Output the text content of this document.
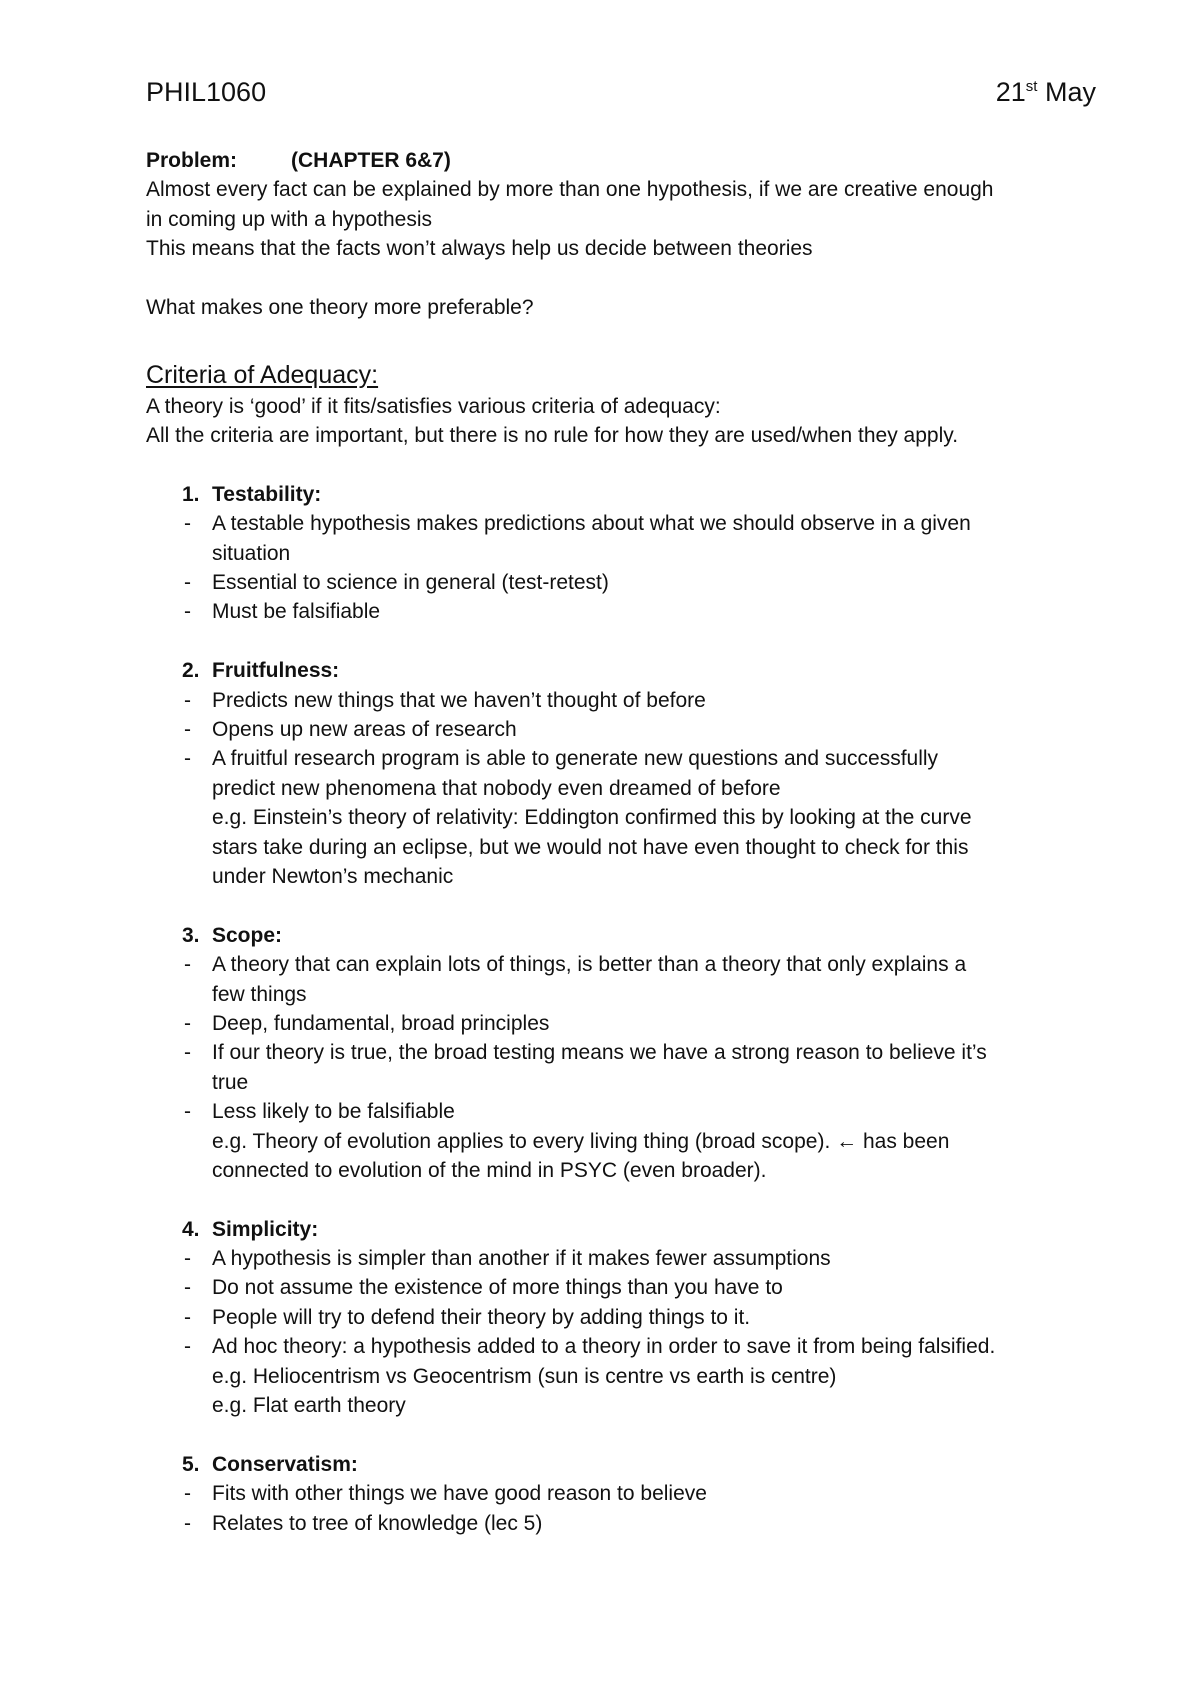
PHIL1060	21st May
Problem:	(CHAPTER 6&7)
Almost every fact can be explained by more than one hypothesis, if we are creative enough
in coming up with a hypothesis
This means that the facts won’t always help us decide between theories
What makes one theory more preferable?
Criteria of Adequacy:
A theory is ‘good’ if it fits/satisfies various criteria of adequacy:
All the criteria are important, but there is no rule for how they are used/when they apply.
1. Testability:
-	A testable hypothesis makes predictions about what we should observe in a given
situation
-	Essential to science in general (test-retest)
-	Must be falsifiable
2. Fruitfulness:
-	Predicts new things that we haven’t thought of before
-	Opens up new areas of research
-	A fruitful research program is able to generate new questions and successfully
predict new phenomena that nobody even dreamed of before
e.g. Einstein’s theory of relativity: Eddington confirmed this by looking at the curve
stars take during an eclipse, but we would not have even thought to check for this
under Newton’s mechanic
3. Scope:
-	A theory that can explain lots of things, is better than a theory that only explains a
few things
-	Deep, fundamental, broad principles
-	If our theory is true, the broad testing means we have a strong reason to believe it’s
true
-	Less likely to be falsifiable
e.g. Theory of evolution applies to every living thing (broad scope). ← has been
connected to evolution of the mind in PSYC (even broader).
4. Simplicity:
-	A hypothesis is simpler than another if it makes fewer assumptions
-	Do not assume the existence of more things than you have to
-	People will try to defend their theory by adding things to it.
-	Ad hoc theory: a hypothesis added to a theory in order to save it from being falsified.
e.g. Heliocentrism vs Geocentrism (sun is centre vs earth is centre)
e.g. Flat earth theory
5. Conservatism:
-	Fits with other things we have good reason to believe
-	Relates to tree of knowledge (lec 5)
